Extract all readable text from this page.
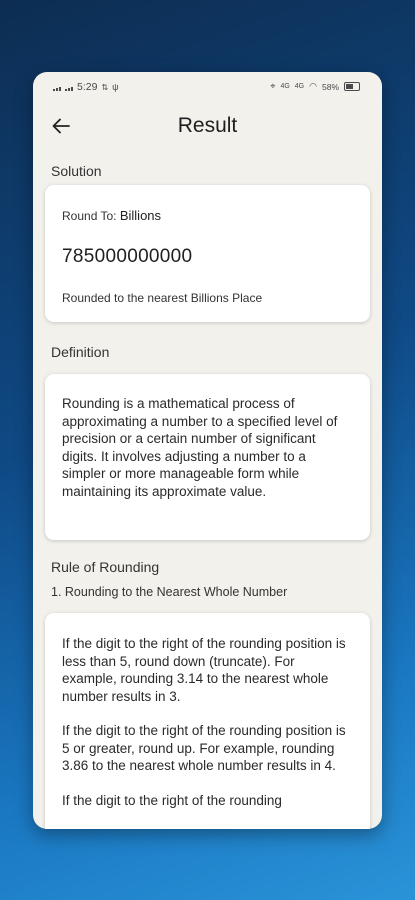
5:29 ⇅ ψ	⌖ 4G 4G ◠ 58%
Result
Solution
Round To: Billions
785000000000
Rounded to the nearest Billions Place
Definition

Rounding is a mathematical process of approximating a number to a specified level of precision or a certain number of significant digits. It involves adjusting a number to a simpler or more manageable form while maintaining its approximate value.

Rule of Rounding
1. Rounding to the Nearest Whole Number

If the digit to the right of the rounding position is less than 5, round down (truncate). For example, rounding 3.14 to the nearest whole number results in 3.

If the digit to the right of the rounding position is 5 or greater, round up. For example, rounding 3.86 to the nearest whole number results in 4.

If the digit to the right of the rounding
